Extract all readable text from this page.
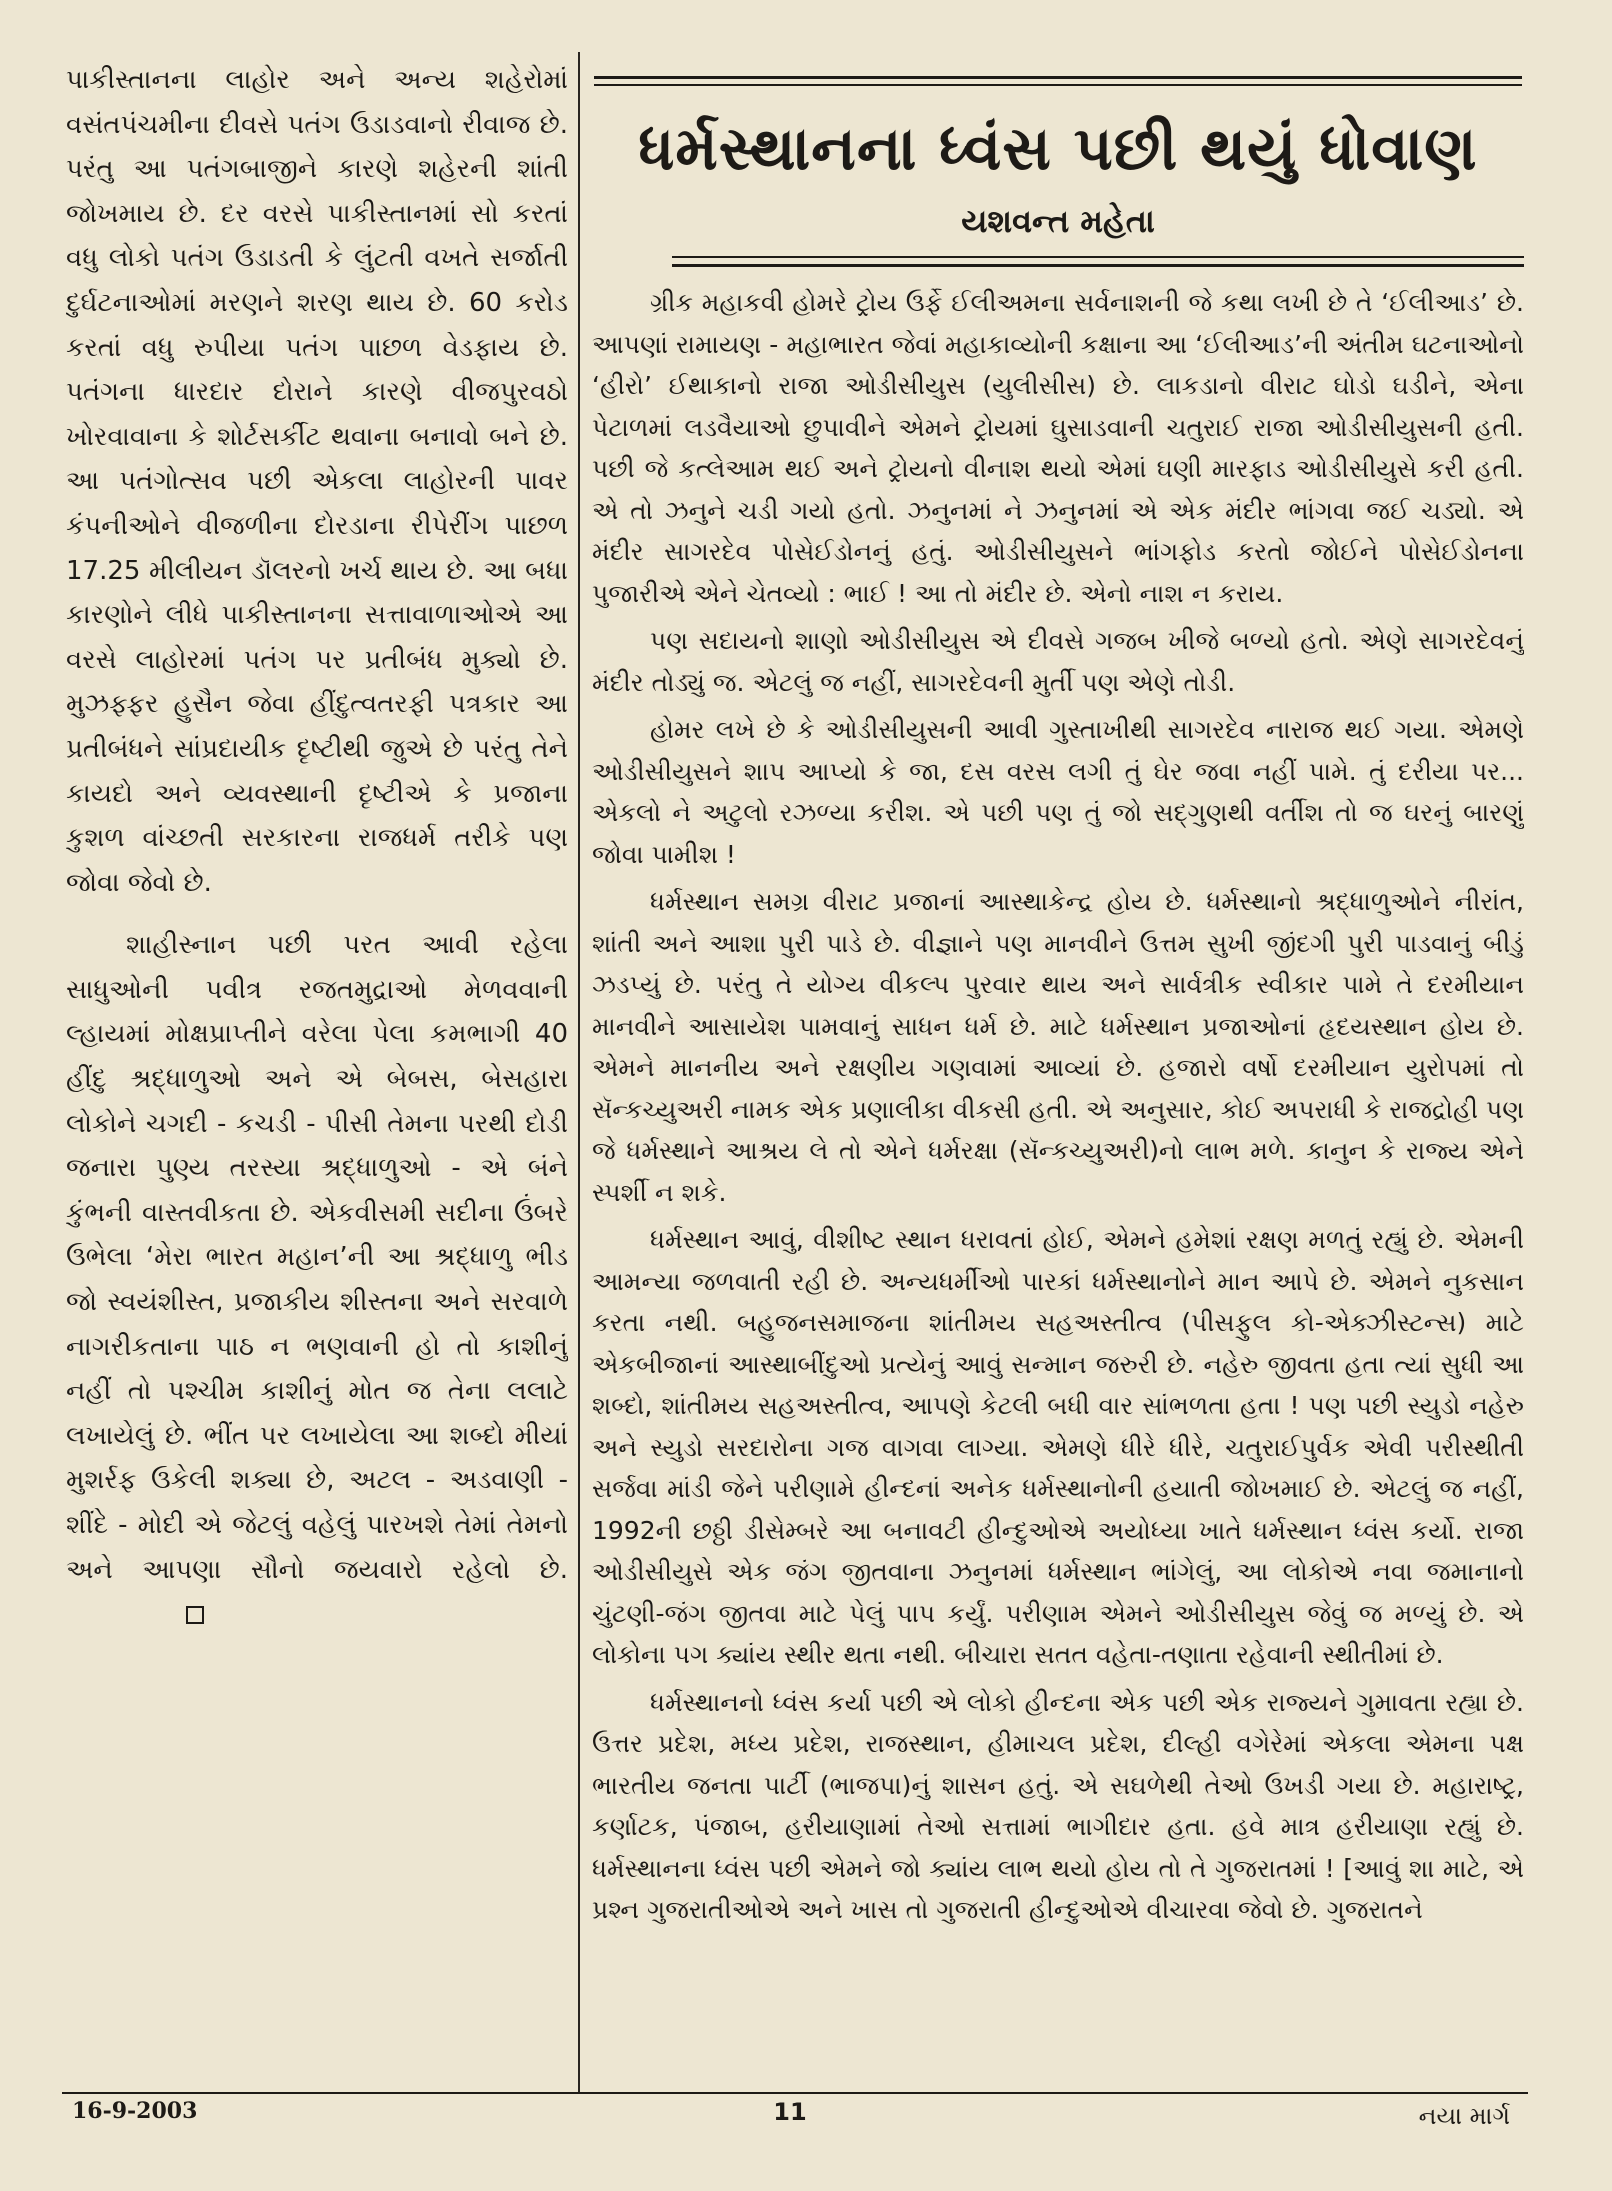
પાકીસ્તાનના લાહોર અને અન્ય શહેરોમાં વસંતપંચમીના દીવસે પતંગ ઉડાડવાનો રીવાજ છે. પરંતુ આ પતંગબાજીને કારણે શહેરની શાંતી જોખમાય છે. દર વરસે પાકીસ્તાનમાં સો કરતાં વધુ લોકો પતંગ ઉડાડતી કે લુંટતી વખતે સર્જાતી દુર્ઘટનાઓમાં મરણને શરણ થાય છે. 60 કરોડ કરતાં વધુ રુપીયા પતંગ પાછળ વેડફાય છે. પતંગના ધારદાર દોરાને કારણે વીજપુરવઠો ખોરવાવાના કે શોર્ટસર્કીટ થવાના બનાવો બને છે. આ પતંગોત્સવ પછી એકલા લાહોરની પાવર કંપનીઓને વીજળીના દોરડાના રીપેરીંગ પાછળ 17.25 મીલીયન ડૉલરનો ખર્ચ થાય છે. આ બધા કારણોને લીધે પાકીસ્તાનના સત્તાવાળાઓએ આ વરસે લાહોરમાં પતંગ પર પ્રતીબંધ મુક્યો છે. મુઝફ્ફર હુસૈન જેવા હીંદુત્વતરફી પત્રકાર આ પ્રતીબંધને સાંપ્રદાયીક દૃષ્ટીથી જુએ છે પરંતુ તેને કાયદો અને વ્યવસ્થાની દૃષ્ટીએ કે પ્રજાના કુશળ વાંચ્છતી સરકારના રાજધર્મ તરીકે પણ જોવા જેવો છે.

શાહીસ્નાન પછી પરત આવી રહેલા સાધુઓની પવીત્ર રજતમુદ્રાઓ મેળવવાની લ્હાયમાં મોક્ષપ્રાપ્તીને વરેલા પેલા કમભાગી 40 હીંદુ શ્રદ્ધાળુઓ અને એ બેબસ, બેસહારા લોકોને ચગદી - કચડી - પીસી તેમના પરથી દોડી જનારા પુણ્ય તરસ્યા શ્રદ્ધાળુઓ - એ બંને કુંભની વાસ્તવીકતા છે. એકવીસમી સદીના ઉંબરે ઉભેલા ‘મેરા ભારત મહાન’ની આ શ્રદ્ધાળુ ભીડ જો સ્વયંશીસ્ત, પ્રજાકીય શીસ્તના અને સરવાળે નાગરીકતાના પાઠ ન ભણવાની હો તો કાશીનું નહીં તો પશ્ચીમ કાશીનું મોત જ તેના લલાટે લખાયેલું છે. ભીંત પર લખાયેલા આ શબ્દો મીયાં મુશર્રફ ઉકેલી શક્યા છે, અટલ - અડવાણી - શીંદે - મોદી એ જેટલું વહેલું પારખશે તેમાં તેમનો અને આપણા સૌનો જયવારો રહેલો છે.

ધર્મસ્થાનના ધ્વંસ પછી થયું ધોવાણ
યશવન્ત મહેતા

ગ્રીક મહાકવી હોમરે ટ્રોય ઉર્ફે ઈલીઅમના સર્વનાશની જે કથા લખી છે તે ‘ઈલીઆડ’ છે. આપણાં રામાયણ - મહાભારત જેવાં મહાકાવ્યોની કક્ષાના આ ‘ઈલીઆડ’ની અંતીમ ઘટનાઓનો ‘હીરો’ ઈથાકાનો રાજા ઓડીસીયુસ (યુલીસીસ) છે. લાકડાનો વીરાટ ઘોડો ઘડીને, એના પેટાળમાં લડવૈયાઓ છુપાવીને એમને ટ્રોયમાં ઘુસાડવાની ચતુરાઈ રાજા ઓડીસીયુસની હતી. પછી જે કત્લેઆમ થઈ અને ટ્રોયનો વીનાશ થયો એમાં ઘણી મારફાડ ઓડીસીયુસે કરી હતી. એ તો ઝનુને ચડી ગયો હતો. ઝનુનમાં ને ઝનુનમાં એ એક મંદીર ભાંગવા જઈ ચડ્યો. એ મંદીર સાગરદેવ પોસેઈડોનનું હતું. ઓડીસીયુસને ભાંગફોડ કરતો જોઈને પોસેઈડોનના પુજારીએ એને ચેતવ્યો : ભાઈ ! આ તો મંદીર છે. એનો નાશ ન કરાય.

પણ સદાયનો શાણો ઓડીસીયુસ એ દીવસે ગજબ ખીજે બળ્યો હતો. એણે સાગરદેવનું મંદીર તોડ્યું જ. એટલું જ નહીં, સાગરદેવની મુર્તી પણ એણે તોડી.

હોમર લખે છે કે ઓડીસીયુસની આવી ગુસ્તાખીથી સાગરદેવ નારાજ થઈ ગયા. એમણે ઓડીસીયુસને શાપ આપ્યો કે જા, દસ વરસ લગી તું ઘેર જવા નહીં પામે. તું દરીયા પર... એકલો ને અટુલો રઝળ્યા કરીશ. એ પછી પણ તું જો સદ્‌ગુણથી વર્તીશ તો જ ઘરનું બારણું જોવા પામીશ !

ધર્મસ્થાન સમગ્ર વીરાટ પ્રજાનાં આસ્થાકેન્દ્ર હોય છે. ધર્મસ્થાનો શ્રદ્ધાળુઓને નીરાંત, શાંતી અને આશા પુરી પાડે છે. વીજ્ઞાને પણ માનવીને ઉત્તમ સુખી જીંદગી પુરી પાડવાનું બીડું ઝડપ્યું છે. પરંતુ તે યોગ્ય વીકલ્પ પુરવાર થાય અને સાર્વત્રીક સ્વીકાર પામે તે દરમીયાન માનવીને આસાયેશ પામવાનું સાધન ધર્મ છે. માટે ધર્મસ્થાન પ્રજાઓનાં હૃદયસ્થાન હોય છે. એમને માનનીય અને રક્ષણીય ગણવામાં આવ્યાં છે. હજારો વર્ષો દરમીયાન યુરોપમાં તો સૅન્કચ્યુઅરી નામક એક પ્રણાલીકા વીકસી હતી. એ અનુસાર, કોઈ અપરાધી કે રાજદ્રોહી પણ જે ધર્મસ્થાને આશ્રય લે તો એને ધર્મરક્ષા (સૅન્કચ્યુઅરી)નો લાભ મળે. કાનુન કે રાજ્ય એને સ્પર્શી ન શકે.

ધર્મસ્થાન આવું, વીશીષ્ટ સ્થાન ધરાવતાં હોઈ, એમને હમેશાં રક્ષણ મળતું રહ્યું છે. એમની આમન્યા જળવાતી રહી છે. અન્યધર્મીઓ પારકાં ધર્મસ્થાનોને માન આપે છે. એમને નુકસાન કરતા નથી. બહુજનસમાજના શાંતીમય સહઅસ્તીત્વ (પીસફુલ કો-એક્ઝીસ્ટન્સ) માટે એકબીજાનાં આસ્થાબીંદુઓ પ્રત્યેનું આવું સન્માન જરુરી છે. નહેરુ જીવતા હતા ત્યાં સુધી આ શબ્દો, શાંતીમય સહઅસ્તીત્વ, આપણે કેટલી બધી વાર સાંભળતા હતા ! પણ પછી સ્યુડો નહેરુ અને સ્યુડો સરદારોના ગજ વાગવા લાગ્યા. એમણે ધીરે ધીરે, ચતુરાઈપુર્વક એવી પરીસ્થીતી સર્જવા માંડી જેને પરીણામે હીન્દનાં અનેક ધર્મસ્થાનોની હયાતી જોખમાઈ છે. એટલું જ નહીં, 1992ની છઠ્ઠી ડીસેમ્બરે આ બનાવટી હીન્દુઓએ અયોધ્યા ખાતે ધર્મસ્થાન ધ્વંસ કર્યો. રાજા ઓડીસીયુસે એક જંગ જીતવાના ઝનુનમાં ધર્મસ્થાન ભાંગેલું, આ લોકોએ નવા જમાનાનો ચુંટણી-જંગ જીતવા માટે પેલું પાપ કર્યું. પરીણામ એમને ઓડીસીયુસ જેવું જ મળ્યું છે. એ લોકોના પગ ક્યાંય સ્થીર થતા નથી. બીચારા સતત વહેતા-તણાતા રહેવાની સ્થીતીમાં છે.

ધર્મસ્થાનનો ધ્વંસ કર્યા પછી એ લોકો હીન્દના એક પછી એક રાજ્યને ગુમાવતા રહ્યા છે. ઉત્તર પ્રદેશ, મધ્ય પ્રદેશ, રાજસ્થાન, હીમાચલ પ્રદેશ, દીલ્હી વગેરેમાં એકલા એમના પક્ષ ભારતીય જનતા પાર્ટી (ભાજપા)નું શાસન હતું. એ સઘળેથી તેઓ ઉખડી ગયા છે. મહારાષ્ટ્ર, કર્ણાટક, પંજાબ, હરીયાણામાં તેઓ સત્તામાં ભાગીદાર હતા. હવે માત્ર હરીયાણા રહ્યું છે. ધર્મસ્થાનના ધ્વંસ પછી એમને જો ક્યાંય લાભ થયો હોય તો તે ગુજરાતમાં ! [આવું શા માટે, એ પ્રશ્ન ગુજરાતીઓએ અને ખાસ તો ગુજરાતી હીન્દુઓએ વીચારવા જેવો છે. ગુજરાતને

16-9-2003	11	નયા માર્ગ
